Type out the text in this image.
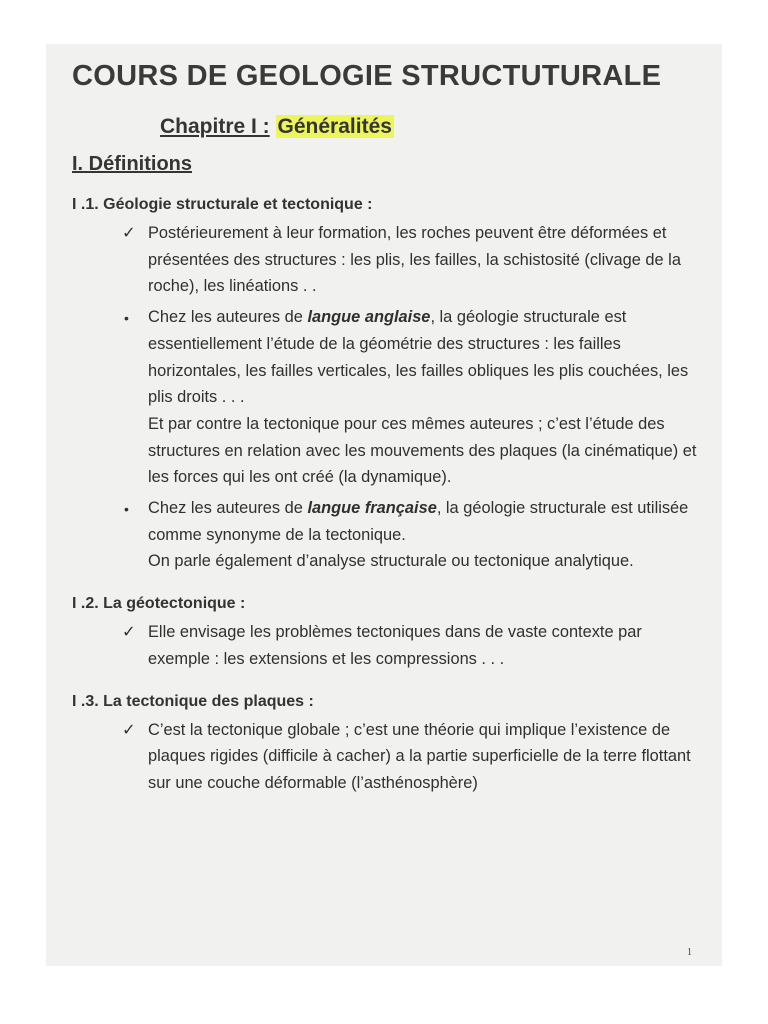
COURS DE GEOLOGIE STRUCTUTURALE
Chapitre I : Généralités
I. Définitions
I .1. Géologie structurale et tectonique :
✓ Postérieurement à leur formation, les roches peuvent être déformées et présentées des structures : les plis, les failles, la schistosité (clivage de la roche), les linéations . .
•	Chez les auteures de langue anglaise, la géologie structurale est essentiellement l’étude de la géométrie des structures : les failles horizontales, les failles verticales, les failles obliques les plis couchées, les plis droits . . .
Et par contre la tectonique pour ces mêmes auteures ; c’est l’étude des structures en relation avec les mouvements des plaques (la cinématique) et les forces qui les ont créé (la dynamique).
•	Chez les auteures de langue française, la géologie structurale est utilisée comme synonyme de la tectonique.
On parle également d’analyse structurale ou tectonique analytique.
I .2. La géotectonique :
✓ Elle envisage les problèmes tectoniques dans de vaste contexte par exemple : les extensions et les compressions . . .
I .3. La tectonique des plaques :
✓ C’est la tectonique globale ; c’est une théorie qui implique l’existence de plaques rigides (difficile à cacher) a la partie superficielle de la terre flottant sur une couche déformable (l’asthénosphère)
1
